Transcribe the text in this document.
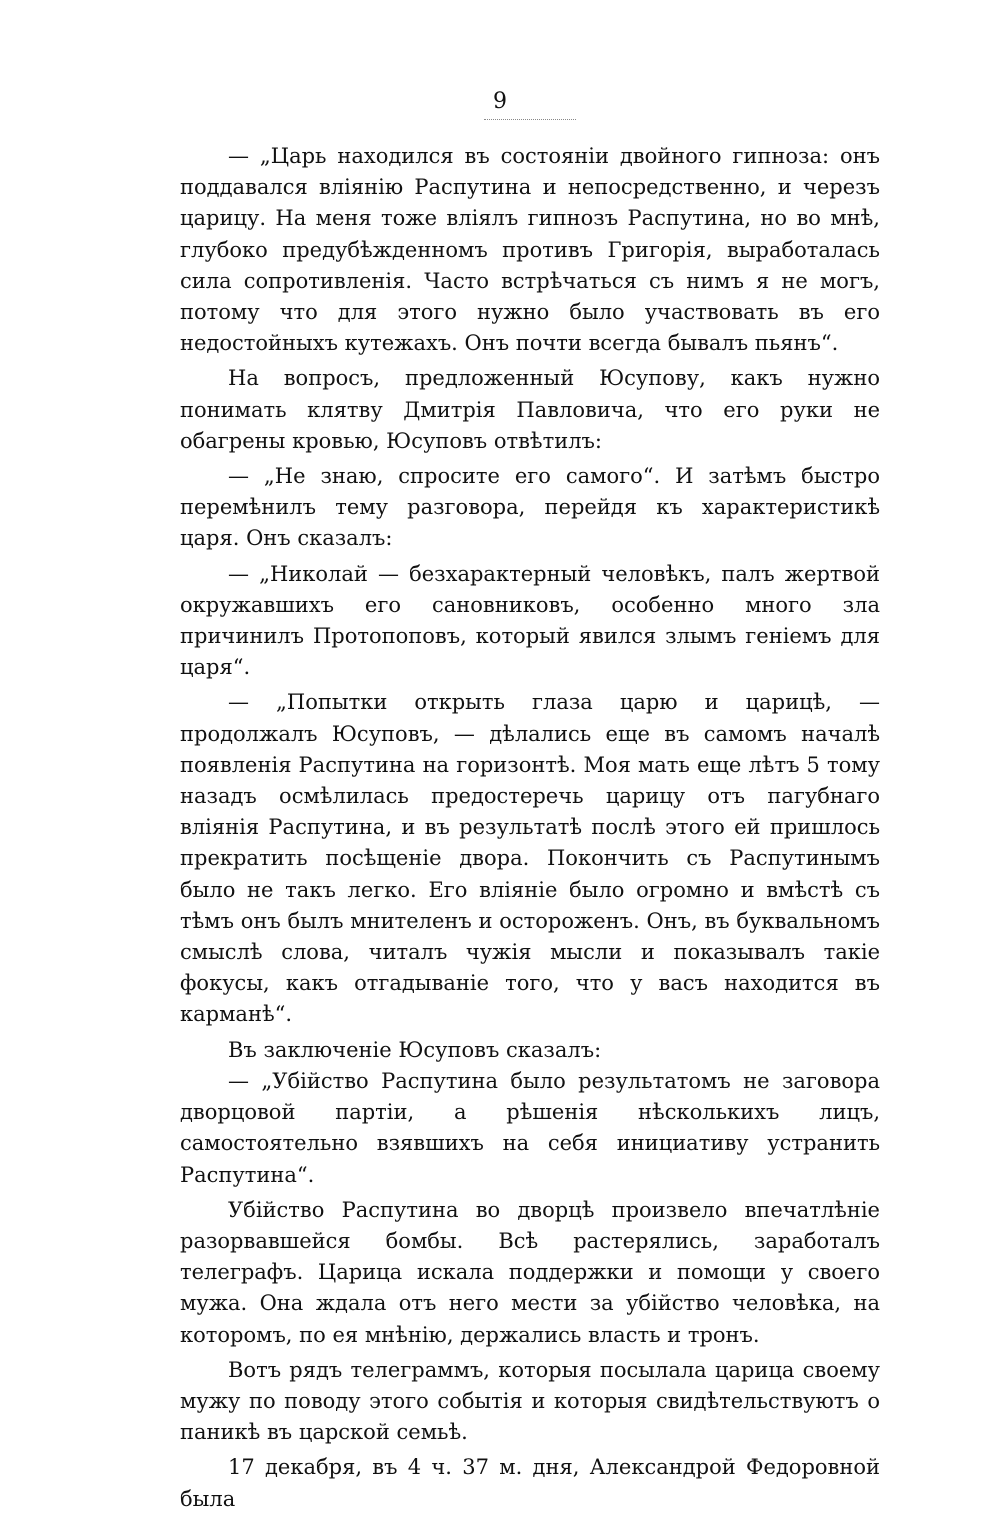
9

— „Царь находился въ состоянiи двойного гипноза: онъ поддавался влiянiю Распутина и непосредственно, и черезъ царицу. На меня тоже влiялъ гипнозъ Распутина, но во мнѣ, глубоко предубѣжденномъ противъ Григорiя, выработалась сила сопротивленiя. Часто встрѣчаться съ нимъ я не могъ, потому что для этого нужно было участвовать въ его недостойныхъ кутежахъ. Онъ почти всегда бывалъ пьянъ“.

На вопросъ, предложенный Юсупову, какъ нужно понимать клятву Дмитрiя Павловича, что его руки не обагрены кровью, Юсуповъ отвѣтилъ:

— „Не знаю, спросите его самого“. И затѣмъ быстро перемѣнилъ тему разговора, перейдя къ характеристикѣ царя. Онъ сказалъ:

— „Николай — безхарактерный человѣкъ, палъ жертвой окружавшихъ его сановниковъ, особенно много зла причинилъ Протопоповъ, который явился злымъ генiемъ для царя“.

— „Попытки открыть глаза царю и царицѣ, — продолжалъ Юсуповъ, — дѣлались еще въ самомъ началѣ появленiя Распутина на горизонтѣ. Моя мать еще лѣтъ 5 тому назадъ осмѣлилась предостеречь царицу отъ пагубнаго влiянiя Распутина, и въ результатѣ послѣ этого ей пришлось прекратить посѣщенiе двора. Покончить съ Распутинымъ было не такъ легко. Его влiянiе было огромно и вмѣстѣ съ тѣмъ онъ былъ мнителенъ и остороженъ. Онъ, въ буквальномъ смыслѣ слова, читалъ чужiя мысли и показывалъ такiе фокусы, какъ отгадыванiе того, что у васъ находится въ карманѣ“.

Въ заключенiе Юсуповъ сказалъ:

— „Убiйство Распутина было результатомъ не заговора дворцовой партiи, а рѣшенiя нѣсколькихъ лицъ, самостоятельно взявшихъ на себя инициативу устранить Распутина“.

Убiйство Распутина во дворцѣ произвело впечатлѣнiе разорвавшейся бомбы. Всѣ растерялись, заработалъ телеграфъ. Царица искала поддержки и помощи у своего мужа. Она ждала отъ него мести за убiйство человѣка, на которомъ, по ея мнѣнiю, держались власть и тронъ.

Вотъ рядъ телеграммъ, которыя посылала царица своему мужу по поводу этого событiя и которыя свидѣтельствуютъ о паникѣ въ царской семьѣ.

17 декабря, въ 4 ч. 37 м. дня, Александрой Федоровной была
